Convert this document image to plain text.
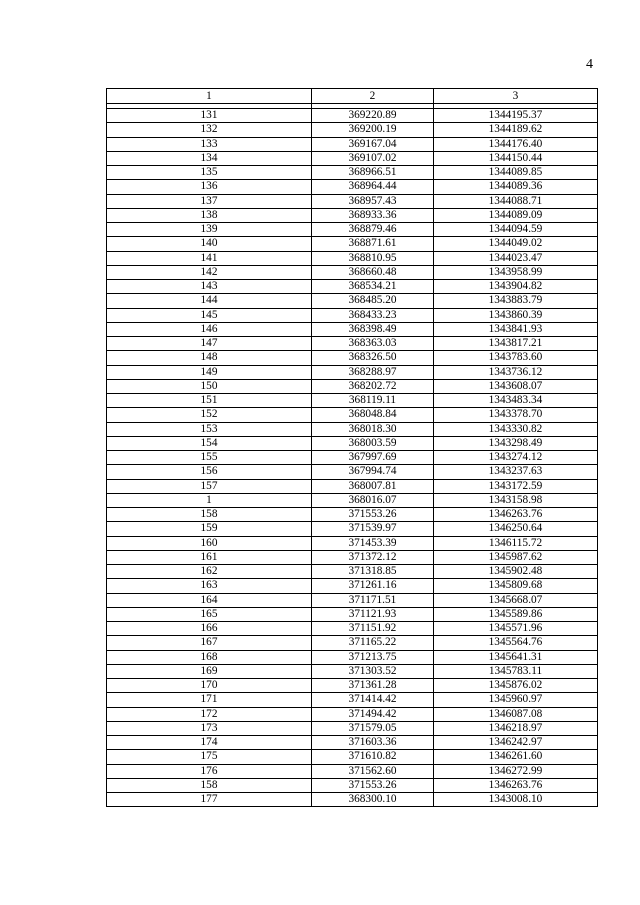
4
1	2	3

131	369220.89	1344195.37
132	369200.19	1344189.62
133	369167.04	1344176.40
134	369107.02	1344150.44
135	368966.51	1344089.85
136	368964.44	1344089.36
137	368957.43	1344088.71
138	368933.36	1344089.09
139	368879.46	1344094.59
140	368871.61	1344049.02
141	368810.95	1344023.47
142	368660.48	1343958.99
143	368534.21	1343904.82
144	368485.20	1343883.79
145	368433.23	1343860.39
146	368398.49	1343841.93
147	368363.03	1343817.21
148	368326.50	1343783.60
149	368288.97	1343736.12
150	368202.72	1343608.07
151	368119.11	1343483.34
152	368048.84	1343378.70
153	368018.30	1343330.82
154	368003.59	1343298.49
155	367997.69	1343274.12
156	367994.74	1343237.63
157	368007.81	1343172.59
1	368016.07	1343158.98
158	371553.26	1346263.76
159	371539.97	1346250.64
160	371453.39	1346115.72
161	371372.12	1345987.62
162	371318.85	1345902.48
163	371261.16	1345809.68
164	371171.51	1345668.07
165	371121.93	1345589.86
166	371151.92	1345571.96
167	371165.22	1345564.76
168	371213.75	1345641.31
169	371303.52	1345783.11
170	371361.28	1345876.02
171	371414.42	1345960.97
172	371494.42	1346087.08
173	371579.05	1346218.97
174	371603.36	1346242.97
175	371610.82	1346261.60
176	371562.60	1346272.99
158	371553.26	1346263.76
177	368300.10	1343008.10
